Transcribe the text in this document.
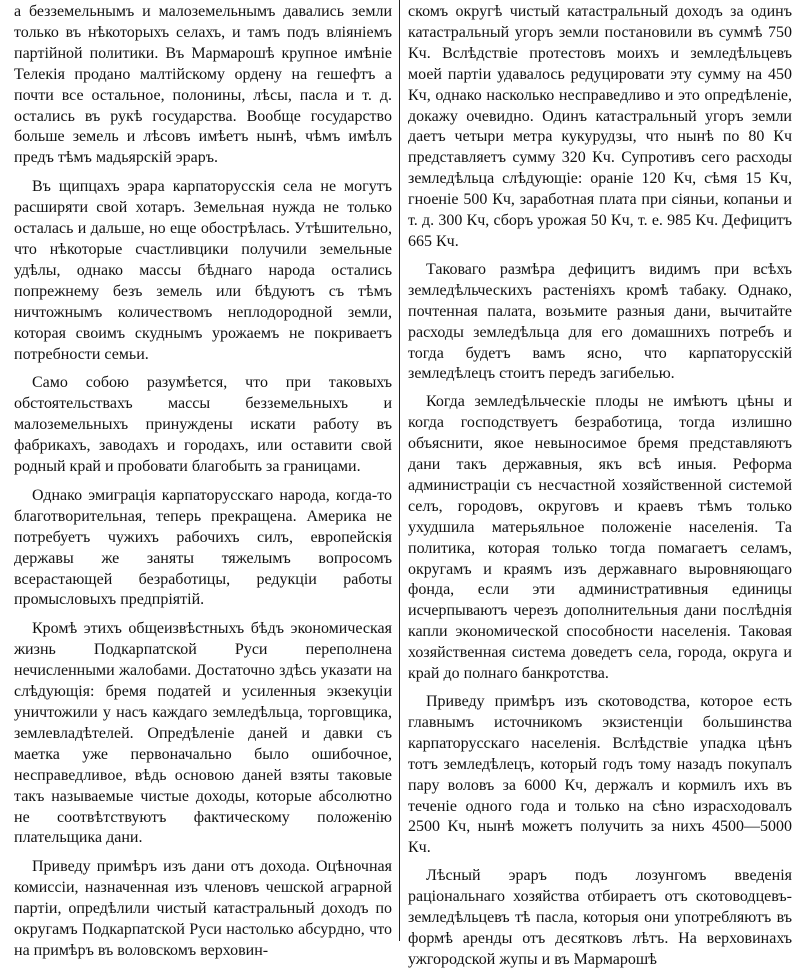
а безземельнымъ и малоземельнымъ давались земли только въ нѣкоторыхъ селахъ, и тамъ подъ вліяніемъ партійной политики. Въ Мармарошѣ крупное имѣніе Телекія продано малтійскому ордену на гешефтъ а почти все остальное, полонины, лѣсы, пасла и т. д. остались въ рукѣ государства. Вообще государство больше земель и лѣсовъ имѣетъ нынѣ, чѣмъ имѣлъ предъ тѣмъ мадьярскій эраръ.

Въ щипцахъ эрара карпаторусскія села не могутъ расширяти свой хотаръ. Земельная нужда не только осталась и дальше, но еще обострѣлась. Утѣшительно, что нѣкоторые счастливцики получили земельные удѣлы, однако массы бѣднаго народа остались попрежнему безъ земель или бѣдуютъ съ тѣмъ ничтожнымъ количествомъ неплодородной земли, которая своимъ скуднымъ урожаемъ не покриваетъ потребности семьи.

Само собою разумѣется, что при таковыхъ обстоятельствахъ массы безземельныхъ и малоземельныхъ принуждены искати работу въ фабрикахъ, заводахъ и городахъ, или оставити свой родный край и пробовати благобыть за границами.

Однако эмиграція карпаторусскаго народа, когда-то благотворительная, теперь прекращена. Америка не потребуетъ чужихъ рабочихъ силъ, европейскія державы же заняты тяжелымъ вопросомъ всерастающей безработицы, редукціи работы промысловыхъ предпріятій.

Кромѣ этихъ общеизвѣстныхъ бѣдъ экономическая жизнь Подкарпатской Руси переполнена нечисленными жалобами. Достаточно здѣсь указати на слѣдующія: бремя податей и усиленныя экзекуціи уничтожили у насъ каждаго земледѣльца, торговщика, землевладѣтелей. Опредѣленіе даней и давки съ маетка уже первоначально было ошибочное, несправедливое, вѣдь основою даней взяты таковые такъ называемые чистые доходы, которые абсолютно не соотвѣтствуютъ фактическому положенію плательщика дани.

Приведу примѣръ изъ дани отъ дохода. Оцѣночная комиссіи, назначенная изъ членовъ чешской аграрной партіи, опредѣлили чистый катастральный доходъ по округамъ Подкарпатской Руси настолько абсурдно, что на примѣръ въ воловскомъ верховин-

скомъ округѣ чистый катастральный доходъ за одинъ катастральный угоръ земли постановили въ суммѣ 750 Кч. Вслѣдствіе протестовъ моихъ и земледѣльцевъ моей партіи удавалось редуцировати эту сумму на 450 Кч, однако насколько несправедливо и это опредѣленіе, докажу очевидно. Одинъ катастральный угоръ земли даетъ четыри метра кукурудзы, что нынѣ по 80 Кч представляетъ сумму 320 Кч. Супротивъ сего расходы земледѣльца слѣдующіе: ораніе 120 Кч, сѣмя 15 Кч, гноеніе 500 Кч, заработная плата при сіяньи, копаньи и т. д. 300 Кч, сборъ урожая 50 Кч, т. е. 985 Кч. Дефицитъ 665 Кч.

Таковаго размѣра дефицитъ видимъ при всѣхъ земледѣльческихъ растеніяхъ кромѣ табаку. Однако, почтенная палата, возьмите разныя дани, вычитайте расходы земледѣльца для его домашнихъ потребъ и тогда будетъ вамъ ясно, что карпаторусскій земледѣлецъ стоитъ передъ загибелью.

Когда земледѣльческіе плоды не имѣютъ цѣны и когда господствуетъ безработица, тогда излишно объяснити, якое невыносимое бремя представляютъ дани такъ державныя, якъ всѣ иныя. Реформа администраціи съ несчастной хозяйственной системой селъ, городовъ, округовъ и краевъ тѣмъ только ухудшила матерьяльное положеніе населенія. Та политика, которая только тогда помагаетъ селамъ, округамъ и краямъ изъ державнаго выровняющаго фонда, если эти административныя единицы исчерпываютъ черезъ дополнительныя дани послѣднія капли экономической способности населенія. Таковая хозяйственная система доведетъ села, города, округа и край до полнаго банкротства.

Приведу примѣръ изъ скотоводства, которое есть главнымъ источникомъ экзистенціи большинства карпаторусскаго населенія. Вслѣдствіе упадка цѣнъ тотъ земледѣлецъ, который годъ тому назадъ покупалъ пару воловъ за 6000 Кч, держалъ и кормилъ ихъ въ теченіе одного года и только на сѣно израсходовалъ 2500 Кч, нынѣ можетъ получить за нихъ 4500—5000 Кч.

Лѣсный эраръ подъ лозунгомъ введенія раціональнаго хозяйства отбираетъ отъ скотоводцевъ-земледѣльцевъ тѣ пасла, которыя они употребляютъ въ формѣ аренды отъ десятковъ лѣтъ. На верховинахъ ужгородской жупы и въ Мармарошѣ
